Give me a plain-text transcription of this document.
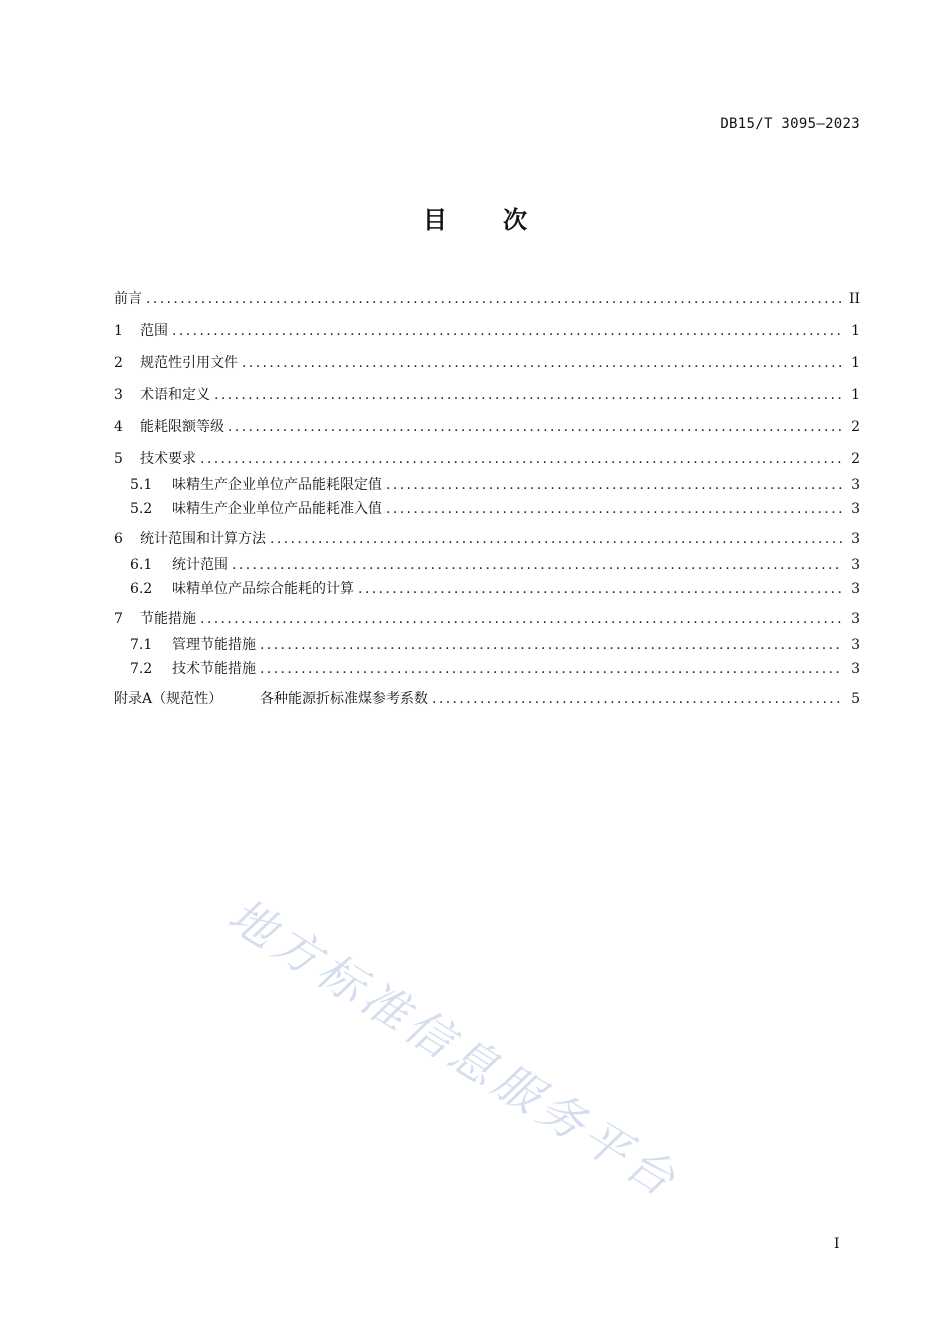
DB15/T 3095—2023
目 次
前言 .....	II
1	范围 .....	1
2	规范性引用文件 .....	1
3	术语和定义 .....	1
4	能耗限额等级 .....	2
5	技术要求 .....	2
5.1	味精生产企业单位产品能耗限定值 .....	3
5.2	味精生产企业单位产品能耗准入值 .....	3
6	统计范围和计算方法 .....	3
6.1	统计范围 .....	3
6.2	味精单位产品综合能耗的计算 .....	3
7	节能措施 .....	3
7.1	管理节能措施 .....	3
7.2	技术节能措施 .....	3
附录A（规范性）	各种能源折标准煤参考系数 .....	5
地方标准信息服务平台
I
